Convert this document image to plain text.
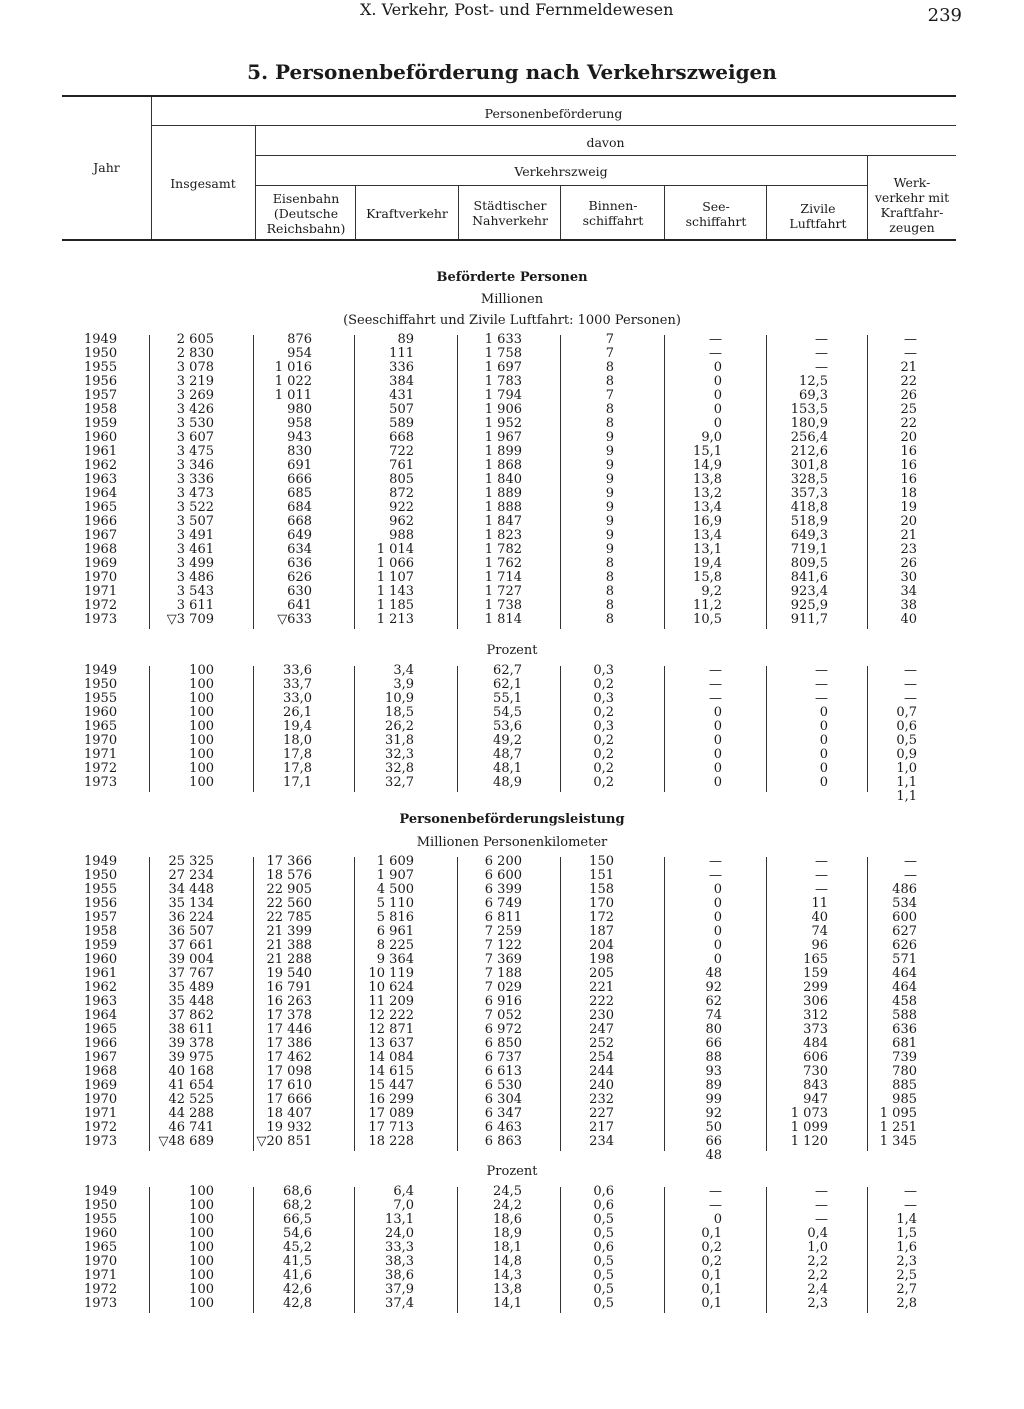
X. Verkehr, Post- und Fernmeldewesen	239
5. Personenbeförderung nach Verkehrszweigen
Jahr
Personenbeförderung
Insgesamt
davon
Verkehrszweig
Eisenbahn (Deutsche Reichsbahn)
Kraftverkehr
Städtischer Nahverkehr
Binnen- schiffahrt
See- schiffahrt
Zivile Luftfahrt
Werk- verkehr mit Kraftfahr- zeugen
Beförderte Personen
Millionen
(Seeschiffahrt und Zivile Luftfahrt: 1000 Personen)
Prozent
Personenbeförderungsleistung
Millionen Personenkilometer
Prozent
1949
1950
1955
1956
1957
1958
1959
1960
1961
1962
1963
1964
1965
1966
1967
1968
1969
1970
1971
1972
1973
2 605
2 830
3 078
3 219
3 269
3 426
3 530
3 607
3 475
3 346
3 336
3 473
3 522
3 507
3 491
3 461
3 499
3 486
3 543
3 611
▽3 709
876
954
1 016
1 022
1 011
980
958
943
830
691
666
685
684
668
649
634
636
626
630
641
▽633
89
111
336
384
431
507
589
668
722
761
805
872
922
962
988
1 014
1 066
1 107
1 143
1 185
1 213
1 633
1 758
1 697
1 783
1 794
1 906
1 952
1 967
1 899
1 868
1 840
1 889
1 888
1 847
1 823
1 782
1 762
1 714
1 727
1 738
1 814
7
7
8
8
7
8
8
9
9
9
9
9
9
9
9
9
8
8
8
8
8
—
—
0
0
0
0
0
9,0
15,1
14,9
13,8
13,2
13,4
16,9
13,4
13,1
19,4
15,8
9,2
11,2
10,5
—
—
—
12,5
69,3
153,5
180,9
256,4
212,6
301,8
328,5
357,3
418,8
518,9
649,3
719,1
809,5
841,6
923,4
925,9
911,7
—
—
21
22
26
25
22
20
16
16
16
18
19
20
21
23
26
30
34
38
40
1949
1950
1955
1960
1965
1970
1971
1972
1973
100
100
100
100
100
100
100
100
100
33,6
33,7
33,0
26,1
19,4
18,0
17,8
17,8
17,1
3,4
3,9
10,9
18,5
26,2
31,8
32,3
32,8
32,7
62,7
62,1
55,1
54,5
53,6
49,2
48,7
48,1
48,9
0,3
0,2
0,3
0,2
0,3
0,2
0,2
0,2
0,2
—
—
—
0
0
0
0
0
0
—
—
—
0
0
0
0
0
0
—
—
—
0,7
0,6
0,5
0,9
1,0
1,1
1,1
1949
1950
1955
1956
1957
1958
1959
1960
1961
1962
1963
1964
1965
1966
1967
1968
1969
1970
1971
1972
1973
25 325
27 234
34 448
35 134
36 224
36 507
37 661
39 004
37 767
35 489
35 448
37 862
38 611
39 378
39 975
40 168
41 654
42 525
44 288
46 741
▽48 689
17 366
18 576
22 905
22 560
22 785
21 399
21 388
21 288
19 540
16 791
16 263
17 378
17 446
17 386
17 462
17 098
17 610
17 666
18 407
19 932
▽20 851
1 609
1 907
4 500
5 110
5 816
6 961
8 225
9 364
10 119
10 624
11 209
12 222
12 871
13 637
14 084
14 615
15 447
16 299
17 089
17 713
18 228
6 200
6 600
6 399
6 749
6 811
7 259
7 122
7 369
7 188
7 029
6 916
7 052
6 972
6 850
6 737
6 613
6 530
6 304
6 347
6 463
6 863
150
151
158
170
172
187
204
198
205
221
222
230
247
252
254
244
240
232
227
217
234
—
—
0
0
0
0
0
0
48
92
62
74
80
66
88
93
89
99
92
50
66
48
—
—
—
11
40
74
96
165
159
299
306
312
373
484
606
730
843
947
1 073
1 099
1 120
—
—
486
534
600
627
626
571
464
464
458
588
636
681
739
780
885
985
1 095
1 251
1 345
1949
1950
1955
1960
1965
1970
1971
1972
1973
100
100
100
100
100
100
100
100
100
68,6
68,2
66,5
54,6
45,2
41,5
41,6
42,6
42,8
6,4
7,0
13,1
24,0
33,3
38,3
38,6
37,9
37,4
24,5
24,2
18,6
18,9
18,1
14,8
14,3
13,8
14,1
0,6
0,6
0,5
0,5
0,6
0,5
0,5
0,5
0,5
—
—
0
0,1
0,2
0,2
0,1
0,1
0,1
—
—
—
0,4
1,0
2,2
2,2
2,4
2,3
—
—
1,4
1,5
1,6
2,3
2,5
2,7
2,8
